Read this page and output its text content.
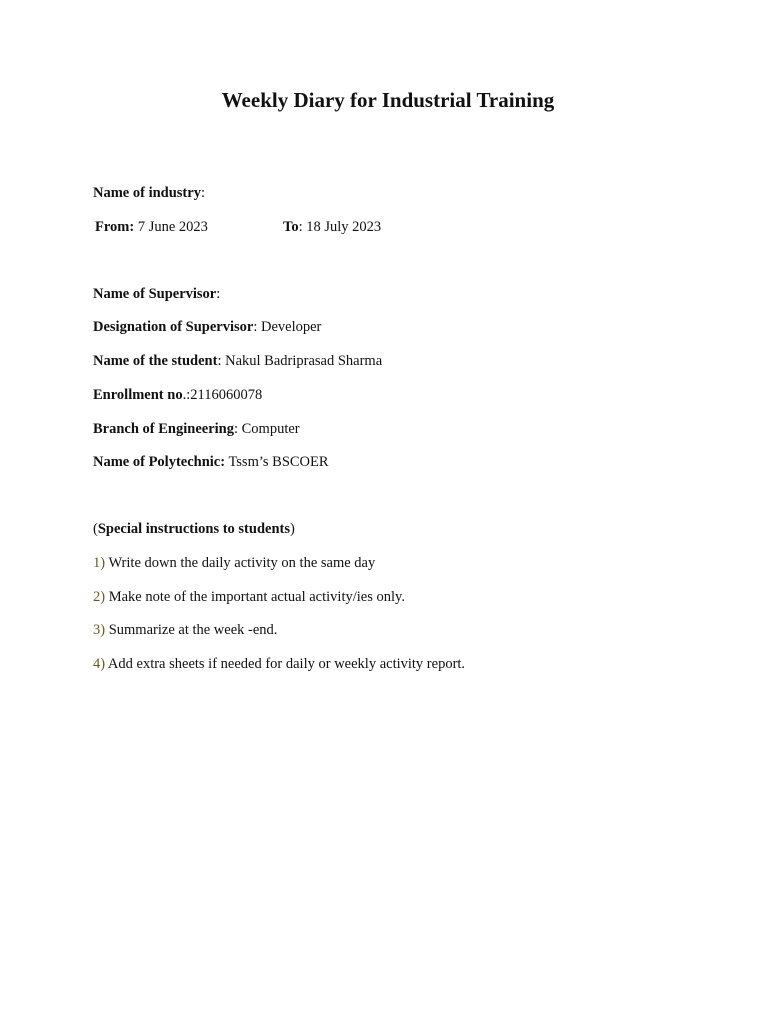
Weekly Diary for Industrial Training
Name of industry:
From: 7 June 2023	To: 18 July 2023
Name of Supervisor:
Designation of Supervisor: Developer
Name of the student: Nakul Badriprasad Sharma
Enrollment no.:2116060078
Branch of Engineering: Computer
Name of Polytechnic: Tssm’s BSCOER
(Special instructions to students)
1) Write down the daily activity on the same day
2) Make note of the important actual activity/ies only.
3) Summarize at the week -end.
4) Add extra sheets if needed for daily or weekly activity report.
